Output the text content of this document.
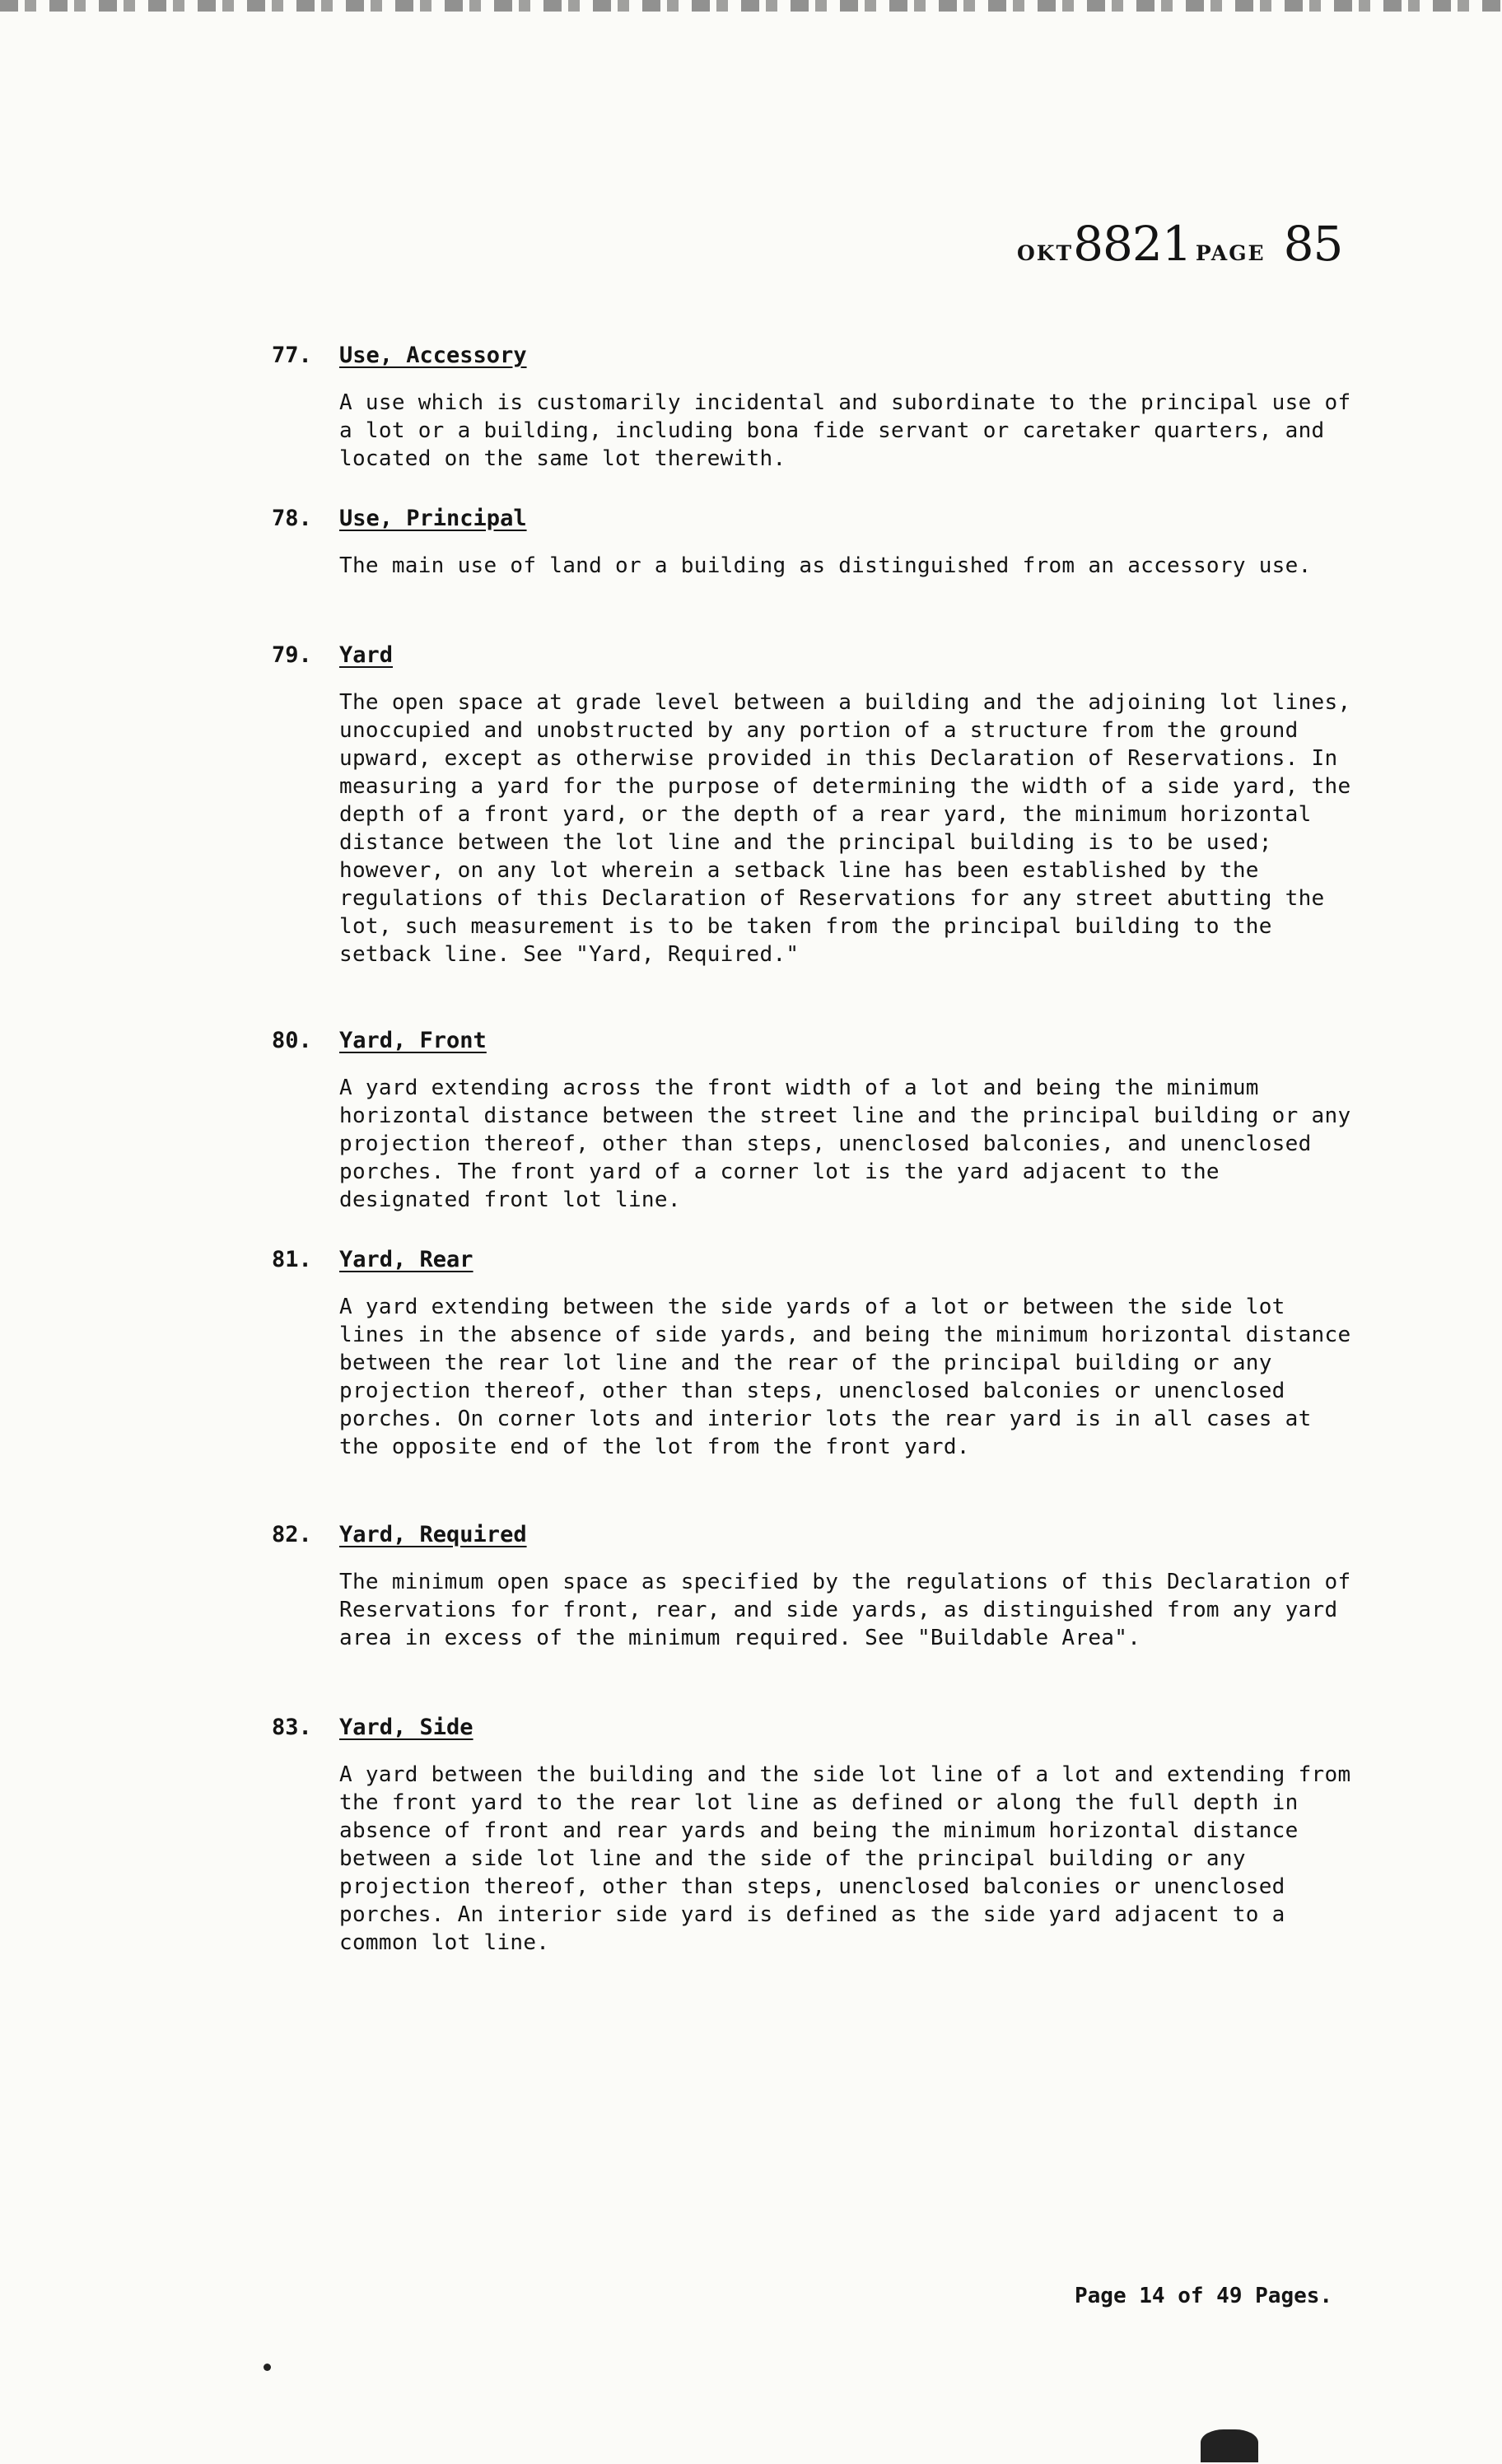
OKT8821 PAGE 85
77. Use, Accessory

A use which is customarily incidental and subordinate to the principal use of a lot or a building, including bona fide servant or caretaker quarters, and located on the same lot therewith.

78. Use, Principal

The main use of land or a building as distinguished from an accessory use.

79. Yard

The open space at grade level between a building and the adjoining lot lines, unoccupied and unobstructed by any portion of a structure from the ground upward, except as otherwise provided in this Declaration of Reservations. In measuring a yard for the purpose of determining the width of a side yard, the depth of a front yard, or the depth of a rear yard, the minimum horizontal distance between the lot line and the principal building is to be used; however, on any lot wherein a setback line has been established by the regulations of this Declaration of Reservations for any street abutting the lot, such measurement is to be taken from the principal building to the setback line. See "Yard, Required."

80. Yard, Front

A yard extending across the front width of a lot and being the minimum horizontal distance between the street line and the principal building or any projection thereof, other than steps, unenclosed balconies, and unenclosed porches. The front yard of a corner lot is the yard adjacent to the designated front lot line.

81. Yard, Rear

A yard extending between the side yards of a lot or between the side lot lines in the absence of side yards, and being the minimum horizontal distance between the rear lot line and the rear of the principal building or any projection thereof, other than steps, unenclosed balconies or unenclosed porches. On corner lots and interior lots the rear yard is in all cases at the opposite end of the lot from the front yard.

82. Yard, Required

The minimum open space as specified by the regulations of this Declaration of Reservations for front, rear, and side yards, as distinguished from any yard area in excess of the minimum required. See "Buildable Area".

83. Yard, Side

A yard between the building and the side lot line of a lot and extending from the front yard to the rear lot line as defined or along the full depth in absence of front and rear yards and being the minimum horizontal distance between a side lot line and the side of the principal building or any projection thereof, other than steps, unenclosed balconies or unenclosed porches. An interior side yard is defined as the side yard adjacent to a common lot line.

Page 14 of 49 Pages.
